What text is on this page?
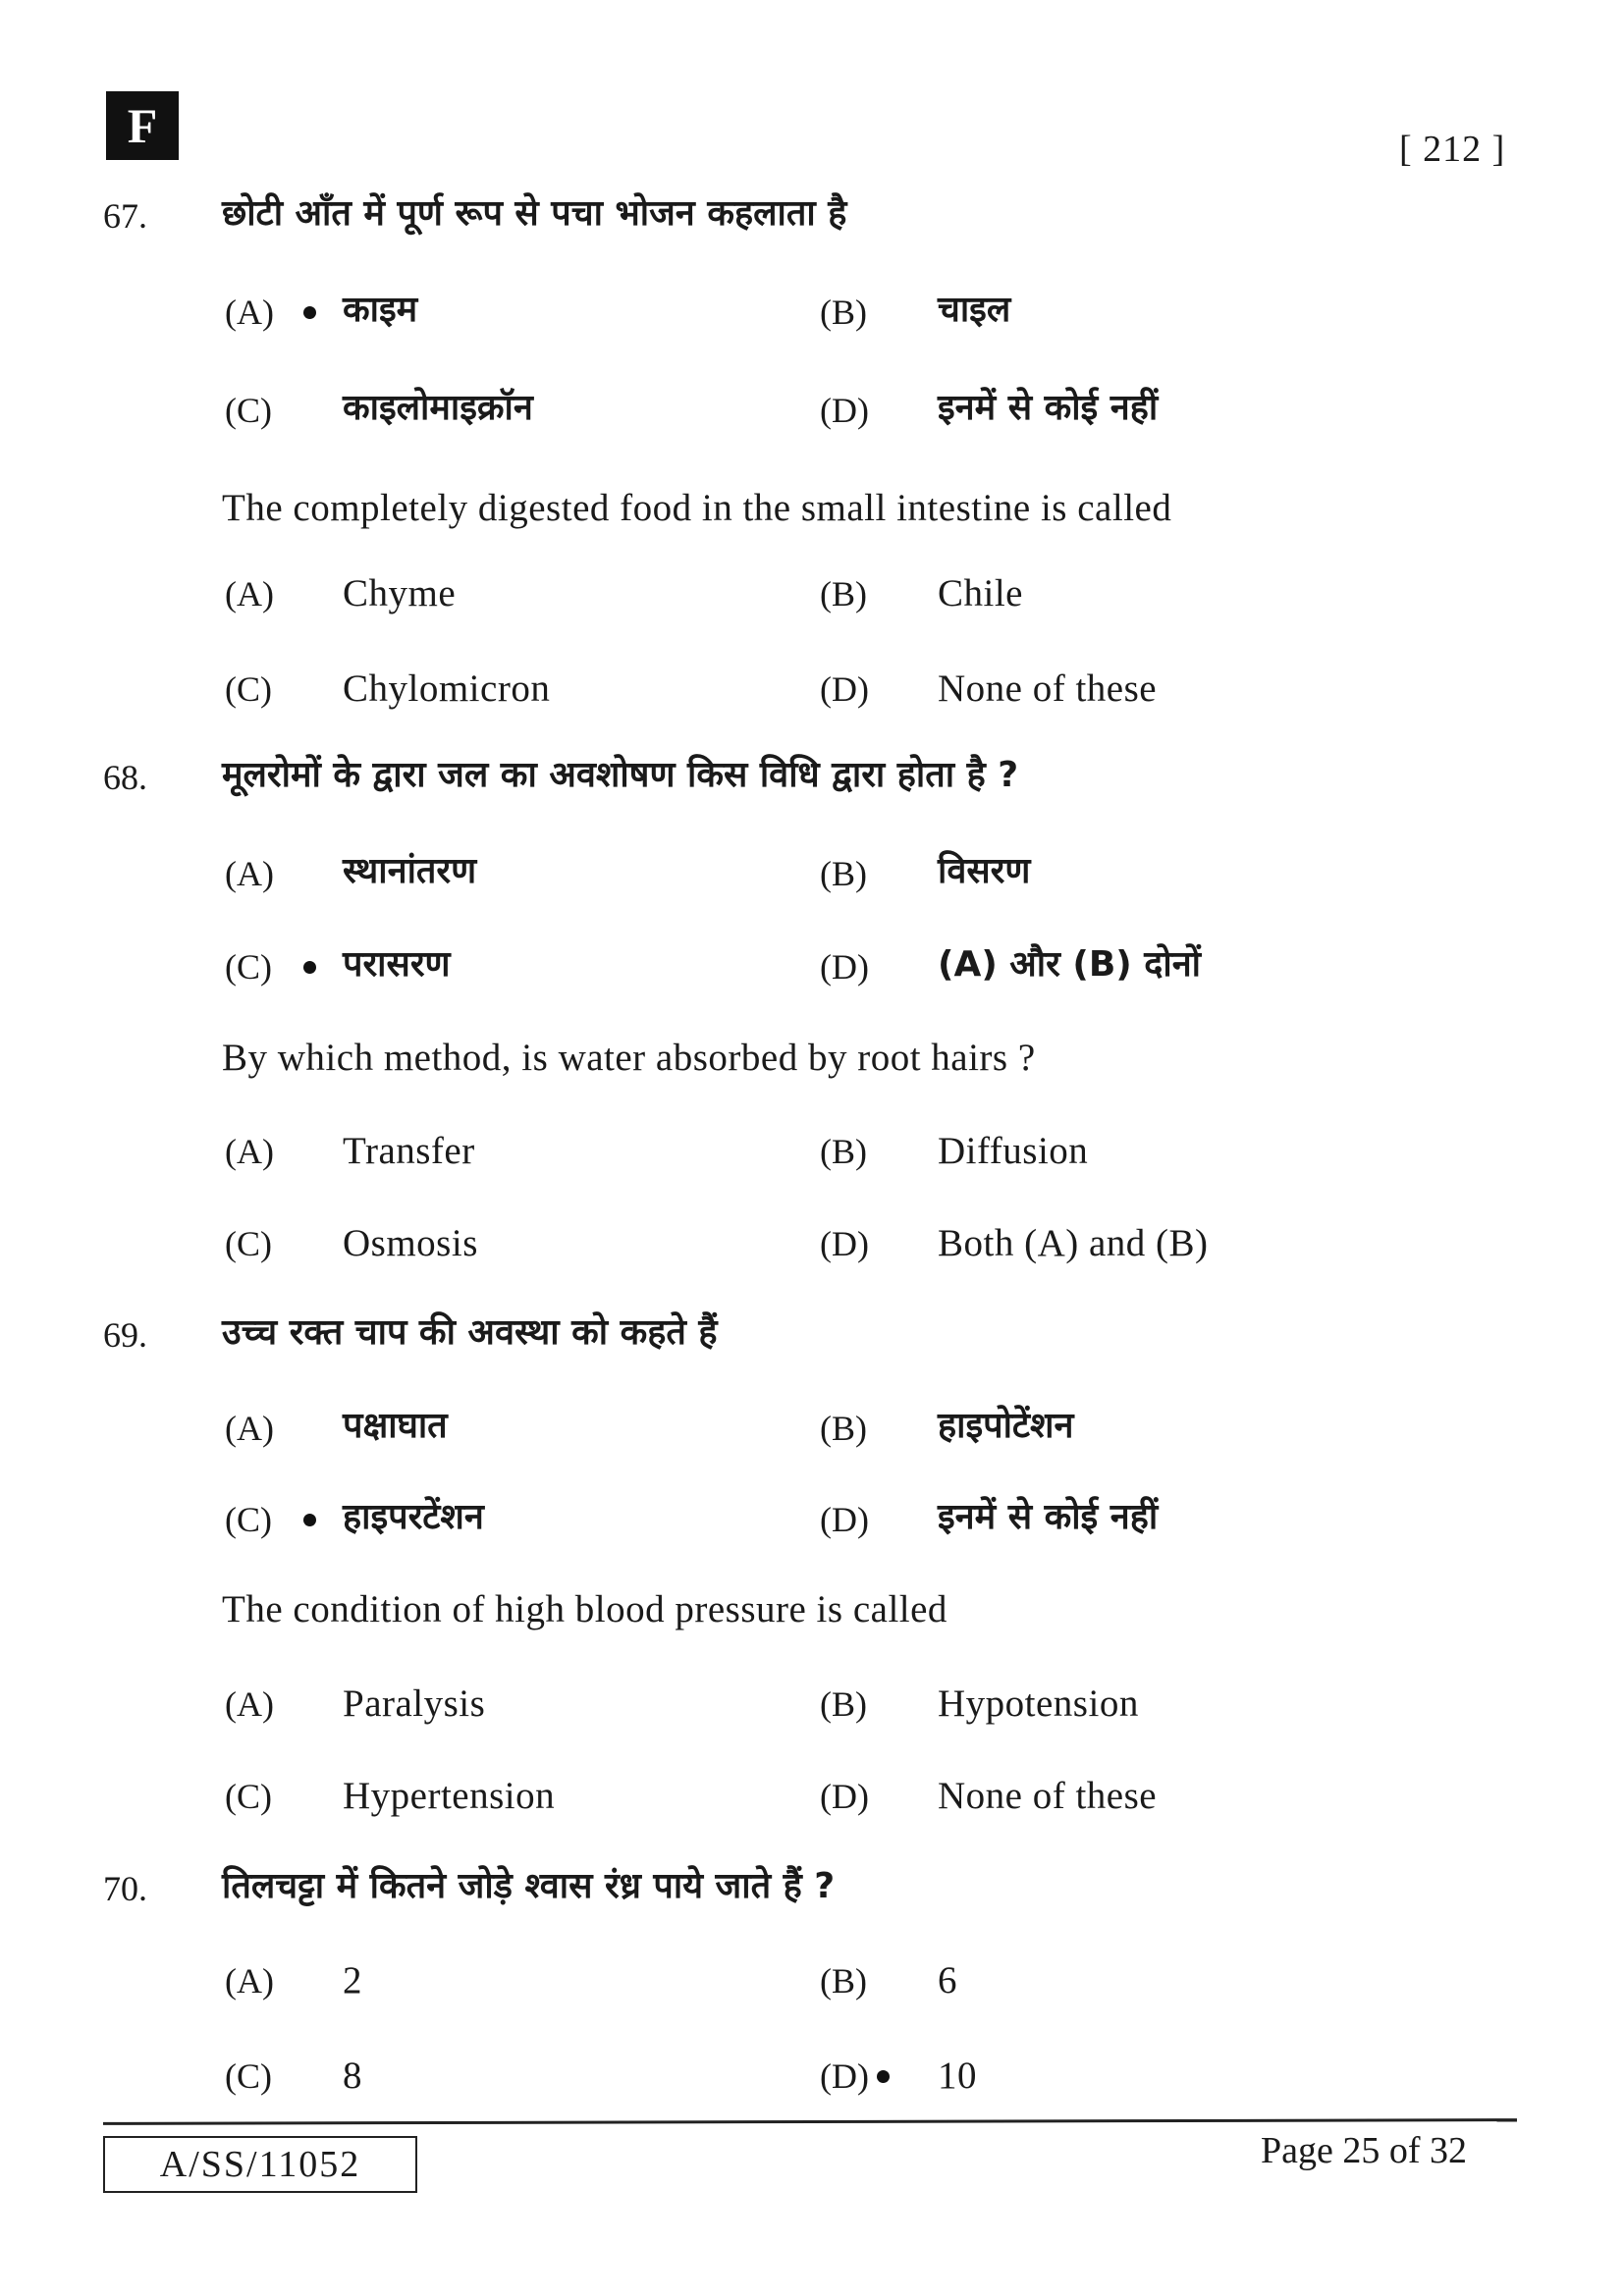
F	[ 212 ]
67. छोटी आँत में पूर्ण रूप से पचा भोजन कहलाता है
(A) काइम	(B) चाइल
(C) काइलोमाइक्रॉन	(D) इनमें से कोई नहीं
The completely digested food in the small intestine is called
(A) Chyme	(B) Chile
(C) Chylomicron	(D) None of these
68. मूलरोमों के द्वारा जल का अवशोषण किस विधि द्वारा होता है ?
(A) स्थानांतरण	(B) विसरण
(C) परासरण	(D) (A) और (B) दोनों
By which method, is water absorbed by root hairs ?
(A) Transfer	(B) Diffusion
(C) Osmosis	(D) Both (A) and (B)
69. उच्च रक्त चाप की अवस्था को कहते हैं
(A) पक्षाघात	(B) हाइपोटेंशन
(C) हाइपरटेंशन	(D) इनमें से कोई नहीं
The condition of high blood pressure is called
(A) Paralysis	(B) Hypotension
(C) Hypertension	(D) None of these
70. तिलचट्टा में कितने जोड़े श्वास रंध्र पाये जाते हैं ?
(A) 2	(B) 6
(C) 8	(D) 10
A/SS/11052	Page 25 of 32
